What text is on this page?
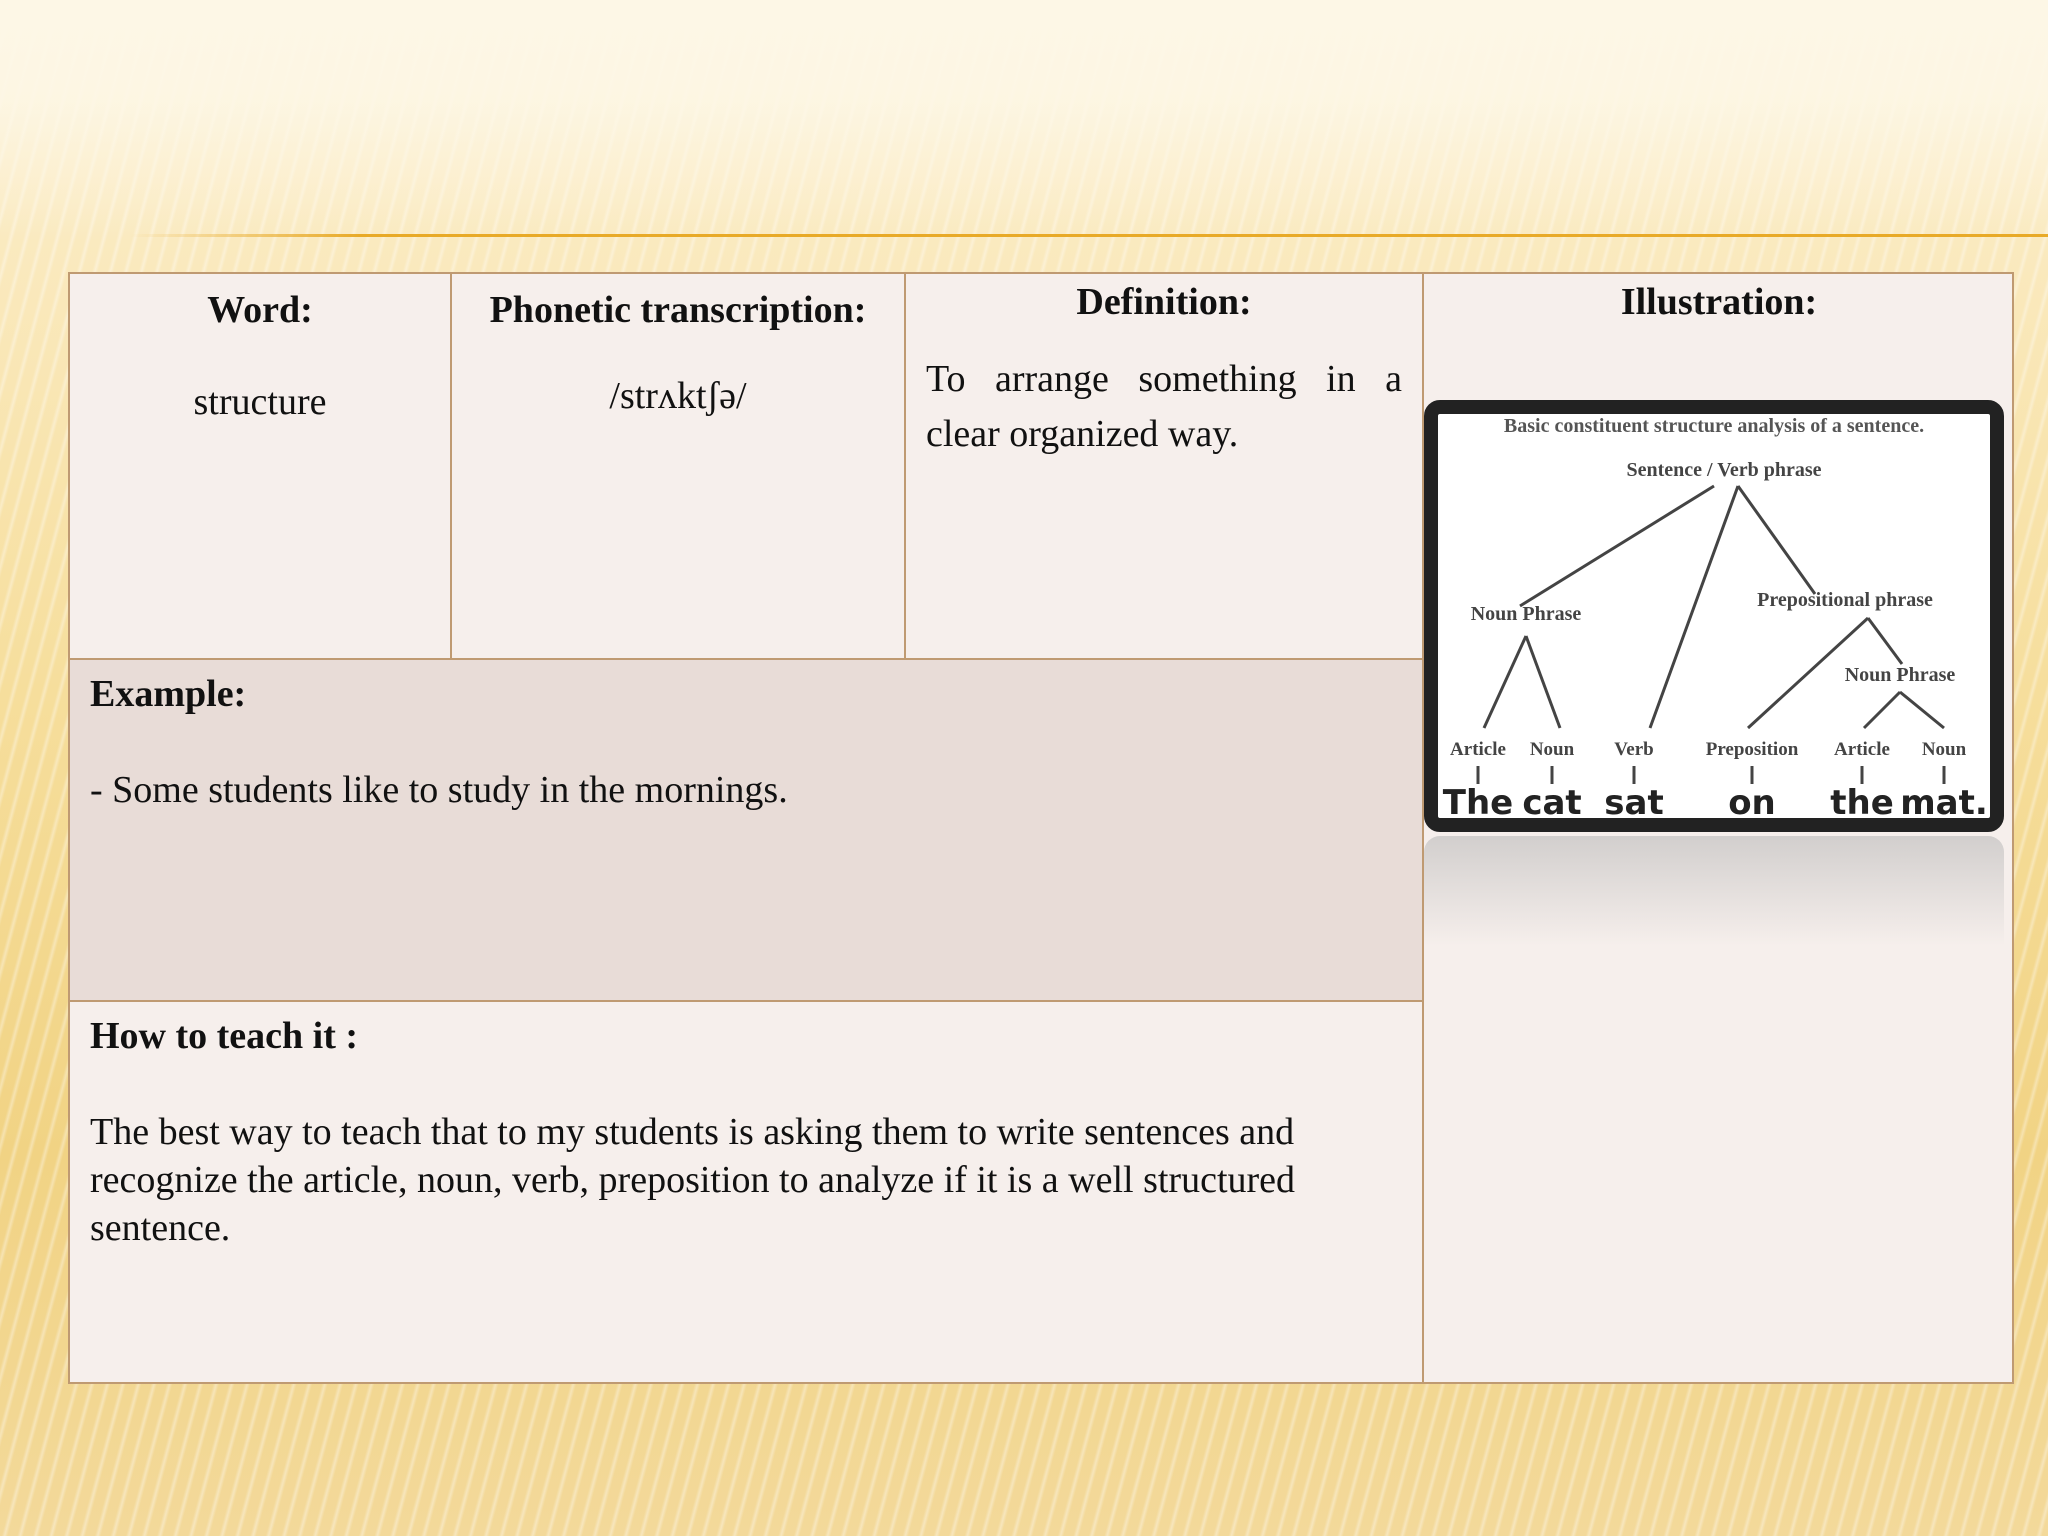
Word:
structure
Phonetic transcription:
/strʌktʃə/
Definition:
To arrange something in a clear organized way.
Illustration:
Example:
- Some students like to study in the mornings.
How to teach it :
The best way to teach that to my students is asking them to write sentences and recognize the article, noun, verb, preposition to analyze if it is a well structured sentence.
Basic constituent structure analysis of a sentence.
Sentence / Verb phrase
Noun Phrase
Prepositional phrase
Noun Phrase
Article Noun Verb	Preposition Article Noun
The cat sat on the mat.
